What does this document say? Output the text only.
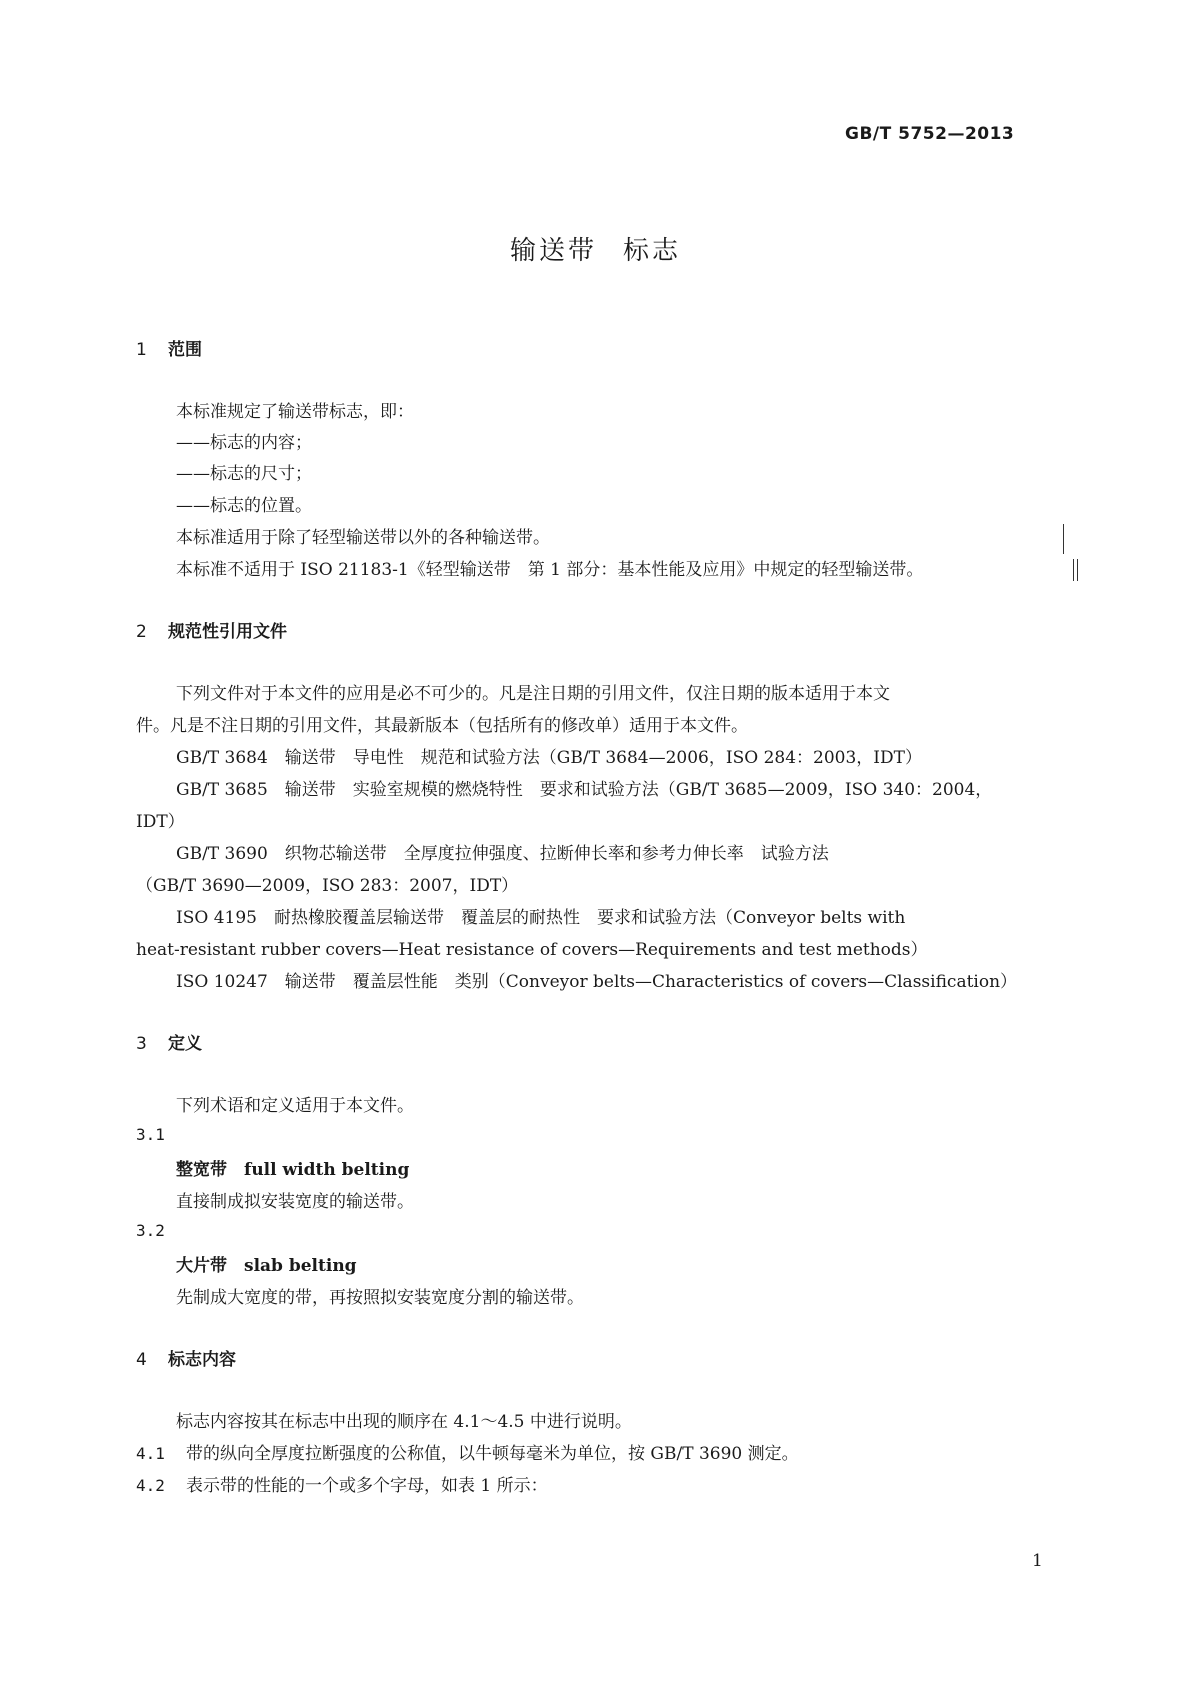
GB/T 5752—2013
输送带 标志
1 范围
本标准规定了输送带标志，即：
——标志的内容；
——标志的尺寸；
——标志的位置。
本标准适用于除了轻型输送带以外的各种输送带。
本标准不适用于 ISO 21183-1《轻型输送带　第 1 部分：基本性能及应用》中规定的轻型输送带。
2 规范性引用文件
下列文件对于本文件的应用是必不可少的。凡是注日期的引用文件，仅注日期的版本适用于本文
件。凡是不注日期的引用文件，其最新版本（包括所有的修改单）适用于本文件。
GB/T 3684　输送带　导电性　规范和试验方法（GB/T 3684—2006，ISO 284：2003，IDT）
GB/T 3685　输送带　实验室规模的燃烧特性　要求和试验方法（GB/T 3685—2009，ISO 340：2004，
IDT）
GB/T 3690　织物芯输送带　全厚度拉伸强度、拉断伸长率和参考力伸长率　试验方法
（GB/T 3690—2009，ISO 283：2007，IDT）
ISO 4195　耐热橡胶覆盖层输送带　覆盖层的耐热性　要求和试验方法（Conveyor belts with
heat-resistant rubber covers—Heat resistance of covers—Requirements and test methods）
ISO 10247　输送带　覆盖层性能　类别（Conveyor belts—Characteristics of covers—Classification）
3 定义
下列术语和定义适用于本文件。
3.1
整宽带　full width belting
直接制成拟安装宽度的输送带。
3.2
大片带　slab belting
先制成大宽度的带，再按照拟安装宽度分割的输送带。
4 标志内容
标志内容按其在标志中出现的顺序在 4.1～4.5 中进行说明。
4.1 带的纵向全厚度拉断强度的公称值，以牛顿每毫米为单位，按 GB/T 3690 测定。
4.2 表示带的性能的一个或多个字母，如表 1 所示：
1
